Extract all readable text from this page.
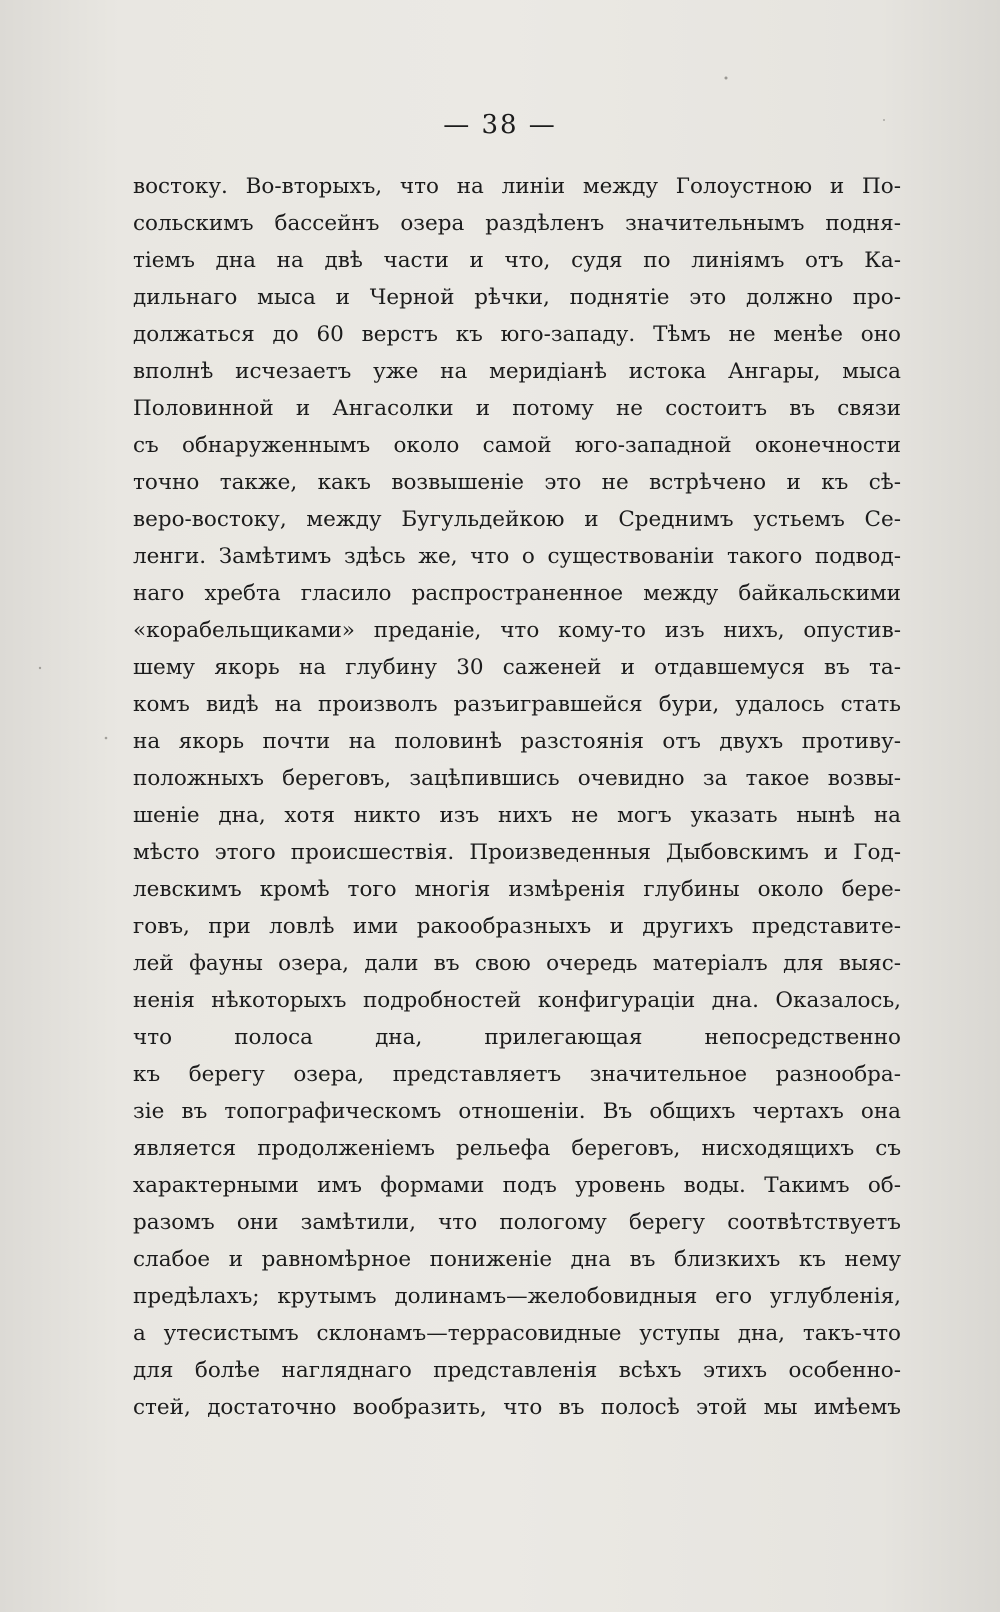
— 38 —
востоку. Во-вторыхъ, что на линіи между Голоустною и По-
сольскимъ бассейнъ озера раздѣленъ значительнымъ подня-
тіемъ дна на двѣ части и что, судя по линіямъ отъ Ка-
дильнаго мыса и Черной рѣчки, поднятіе это должно про-
должаться до 60 верстъ къ юго-западу. Тѣмъ не менѣе оно
вполнѣ исчезаетъ уже на меридіанѣ истока Ангары, мыса
Половинной и Ангасолки и потому не состоитъ въ связи
съ обнаруженнымъ около самой юго-западной оконечности
точно также, какъ возвышеніе это не встрѣчено и къ сѣ-
веро-востоку, между Бугульдейкою и Среднимъ устьемъ Се-
ленги. Замѣтимъ здѣсь же, что о существованіи такого подвод-
наго хребта гласило распространенное между байкальскими
«корабельщиками» преданіе, что кому-то изъ нихъ, опустив-
шему якорь на глубину 30 саженей и отдавшемуся въ та-
комъ видѣ на произволъ разъигравшейся бури, удалось стать
на якорь почти на половинѣ разстоянія отъ двухъ противу-
положныхъ береговъ, зацѣпившись очевидно за такое возвы-
шеніе дна, хотя никто изъ нихъ не могъ указать нынѣ на
мѣсто этого происшествія. Произведенныя Дыбовскимъ и Год-
левскимъ кромѣ того многія измѣренія глубины около бере-
говъ, при ловлѣ ими ракообразныхъ и другихъ представите-
лей фауны озера, дали въ свою очередь матеріалъ для выяс-
ненія нѣкоторыхъ подробностей конфигураціи дна. Оказалось,
что полоса дна, прилегающая непосредственно
къ берегу озера, представляетъ значительное разнообра-
зіе въ топографическомъ отношеніи. Въ общихъ чертахъ она
является продолженіемъ рельефа береговъ, нисходящихъ съ
характерными имъ формами подъ уровень воды. Такимъ об-
разомъ они замѣтили, что пологому берегу соотвѣтствуетъ
слабое и равномѣрное пониженіе дна въ близкихъ къ нему
предѣлахъ; крутымъ долинамъ—желобовидныя его углубленія,
а утесистымъ склонамъ—террасовидные уступы дна, такъ-что
для болѣе нагляднаго представленія всѣхъ этихъ особенно-
стей, достаточно вообразить, что въ полосѣ этой мы имѣемъ
